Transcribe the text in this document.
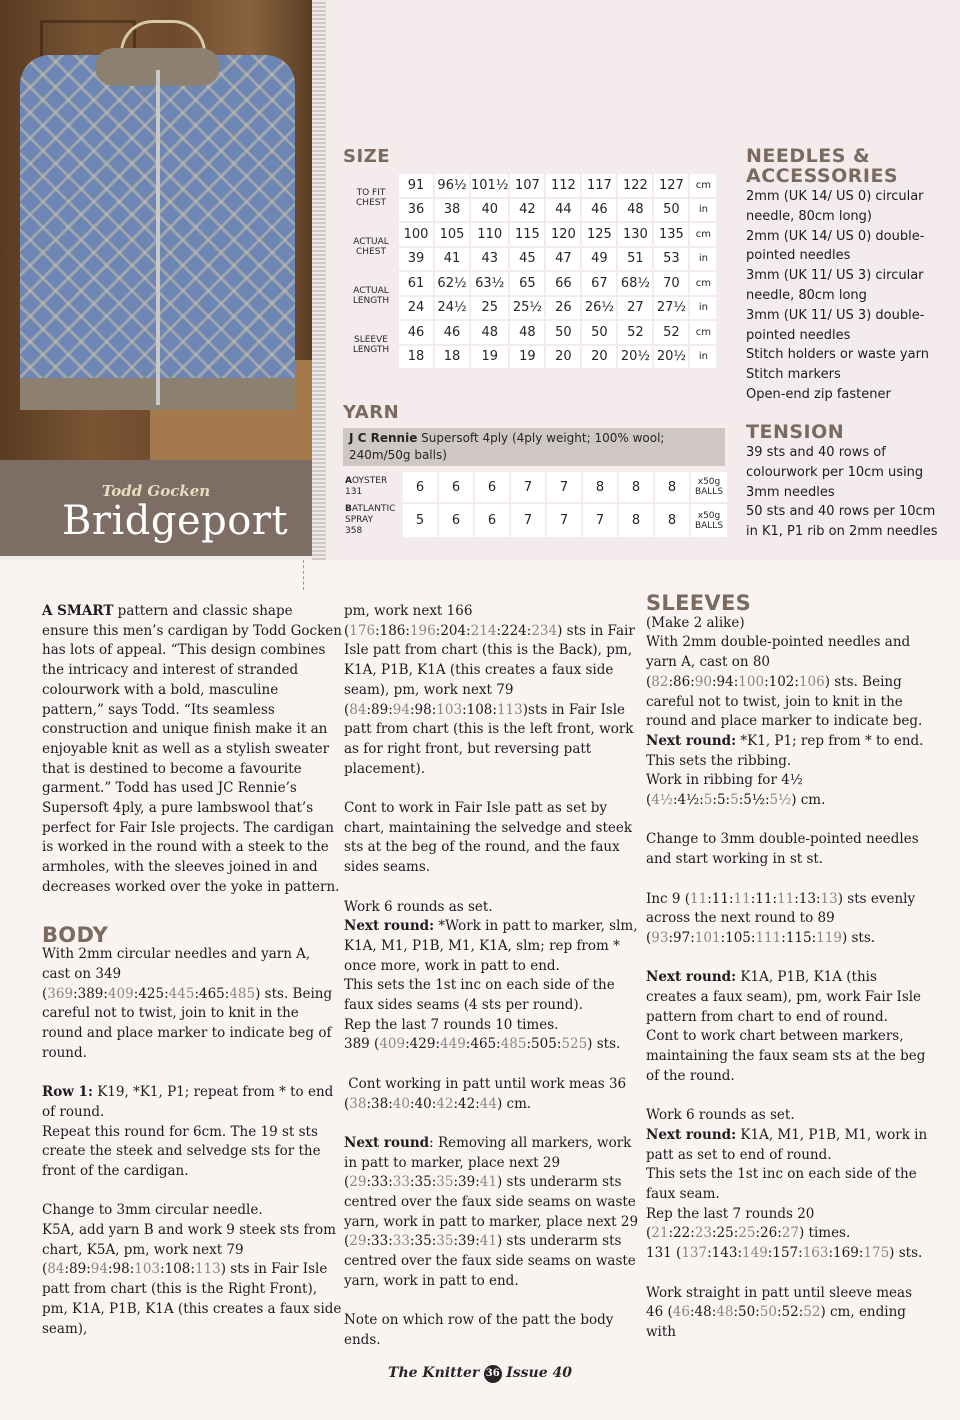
Todd Gocken
Bridgeport
SIZE
TO FIT CHEST	91	96½	101½	107	112	117	122	127	cm
	36	38	40	42	44	46	48	50	in
ACTUAL CHEST	100	105	110	115	120	125	130	135	cm
	39	41	43	45	47	49	51	53	in
ACTUAL LENGTH	61	62½	63½	65	66	67	68½	70	cm
	24	24½	25	25½	26	26½	27	27½	in
SLEEVE LENGTH	46	46	48	48	50	50	52	52	cm
	18	18	19	19	20	20	20½	20½	in
YARN
J C Rennie Supersoft 4ply (4ply weight; 100% wool; 240m/50g balls)
AOYSTER
131	6	6	6	7	7	8	8	8	x50g
BALLS
BATLANTIC SPRAY
358	5	6	6	7	7	7	8	8	x50g
BALLS
NEEDLES &
ACCESSORIES
2mm (UK 14/ US 0) circular
needle, 80cm long)
2mm (UK 14/ US 0) double-
pointed needles
3mm (UK 11/ US 3) circular
needle, 80cm long
3mm (UK 11/ US 3) double-
pointed needles
Stitch holders or waste yarn
Stitch markers
Open-end zip fastener
TENSION
39 sts and 40 rows of
colourwork per 10cm using
3mm needles
50 sts and 40 rows per 10cm
in K1, P1 rib on 2mm needles

A SMART pattern and classic shape ensure this men’s cardigan by Todd Gocken has lots of appeal. “This design combines the intricacy and interest of stranded colourwork with a bold, masculine pattern,” says Todd. “Its seamless construction and unique finish make it an enjoyable knit as well as a stylish sweater that is destined to become a favourite garment.” Todd has used JC Rennie’s Supersoft 4ply, a pure lambswool that’s perfect for Fair Isle projects. The cardigan is worked in the round with a steek to the armholes, with the sleeves joined in and decreases worked over the yoke in pattern.

BODY

With 2mm circular needles and yarn A, cast on 349 (369:389:409:425:445:465:485) sts. Being careful not to twist, join to knit in the round and place marker to indicate beg of round.

Row 1: K19, *K1, P1; repeat from * to end of round.

Repeat this round for 6cm. The 19 st sts create the steek and selvedge sts for the front of the cardigan.

Change to 3mm circular needle.

K5A, add yarn B and work 9 steek sts from chart, K5A, pm, work next 79 (84:89:94:98:103:108:113) sts in Fair Isle patt from chart (this is the Right Front), pm, K1A, P1B, K1A (this creates a faux side seam),

pm, work next 166 (176:186:196:204:214:224:234) sts in Fair Isle patt from chart (this is the Back), pm, K1A, P1B, K1A (this creates a faux side seam), pm, work next 79 (84:89:94:98:103:108:113)sts in Fair Isle patt from chart (this is the left front, work as for right front, but reversing patt placement).

Cont to work in Fair Isle patt as set by chart, maintaining the selvedge and steek sts at the beg of the round, and the faux sides seams.

Work 6 rounds as set.

Next round: *Work in patt to marker, slm, K1A, M1, P1B, M1, K1A, slm; rep from * once more, work in patt to end.

This sets the 1st inc on each side of the faux sides seams (4 sts per round).

Rep the last 7 rounds 10 times.

389 (409:429:449:465:485:505:525) sts.

Cont working in patt until work meas 36 (38:38:40:40:42:42:44) cm.

Next round: Removing all markers, work in patt to marker, place next 29 (29:33:33:35:35:39:41) sts underarm sts centred over the faux side seams on waste yarn, work in patt to marker, place next 29 (29:33:33:35:35:39:41) sts underarm sts centred over the faux side seams on waste yarn, work in patt to end.

Note on which row of the patt the body ends.

SLEEVES

(Make 2 alike)

With 2mm double-pointed needles and yarn A, cast on 80 (82:86:90:94:100:102:106) sts. Being careful not to twist, join to knit in the round and place marker to indicate beg.

Next round: *K1, P1; rep from * to end.

This sets the ribbing.

Work in ribbing for 4½ (4½:4½:5:5:5:5½:5½) cm.

Change to 3mm double-pointed needles and start working in st st.

Inc 9 (11:11:11:11:11:13:13) sts evenly across the next round to 89 (93:97:101:105:111:115:119) sts.

Next round: K1A, P1B, K1A (this creates a faux seam), pm, work Fair Isle pattern from chart to end of round.

Cont to work chart between markers, maintaining the faux seam sts at the beg of the round.

Work 6 rounds as set.

Next round: K1A, M1, P1B, M1, work in patt as set to end of round.

This sets the 1st inc on each side of the faux seam.

Rep the last 7 rounds 20 (21:22:23:25:25:26:27) times.

131 (137:143:149:157:163:169:175) sts.

Work straight in patt until sleeve meas 46 (46:48:48:50:50:52:52) cm, ending with

The Knitter 36 Issue 40
